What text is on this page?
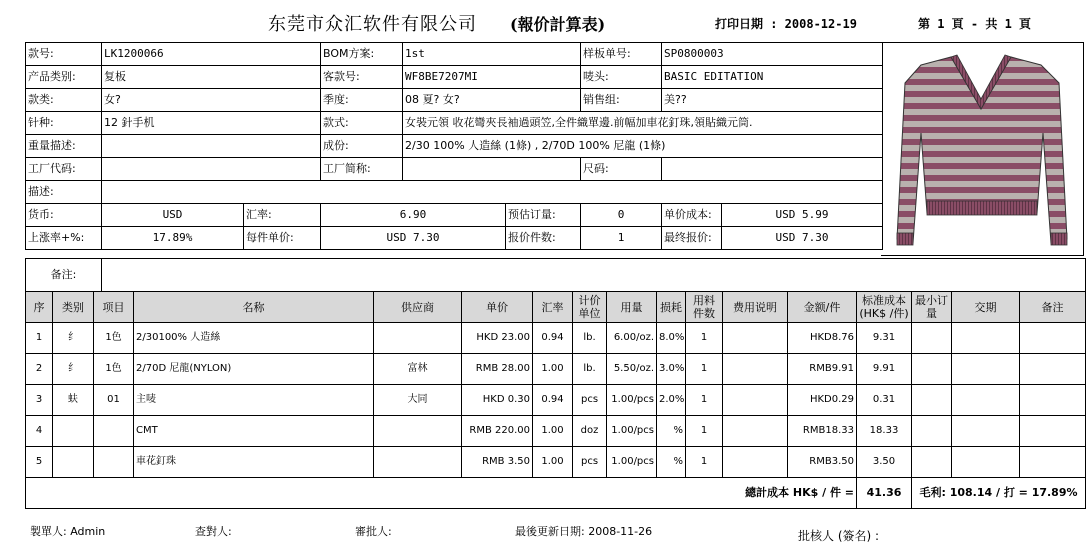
东莞市众汇软件有限公司 (報价計算表)	打印日期 : 2008-12-19	第 1 頁 - 共 1 頁
款号:	LK1200066		BOM方案:	1st		样板单号:	SP0800003	
产品类别:	复板		客款号:	WF8BE7207MI		唛头:	BASIC EDITATION	
款类:	女?		季度:	08 夏? 女?		销售组:	美??	
针种:	12 針手机		款式:	女裝元領 收花彎夾長袖過頭笠,全件織單邊.前幅加車花釘珠,領貼織元筒.				
重量描述:			成份:	2/30 100% 人造絲 (1條) , 2/70D 100% 尼龍 (1條)				
工厂代码:			工厂简称:			尺码:		
描述:								
货币:	USD	汇率:	6.90		预估订量:	0	单价成本:	USD 5.99
上涨率+%:	17.89%	每件单价:	USD 7.30		报价件数:	1	最终报价:	USD 7.30
备注:	
序	类别	项目	名称	供应商	单价	汇率	计价单位	用量	损耗	用料件数	费用说明	金额/件	标准成本(HK$ /件)	最小订量	交期	备注
1	纟	1色	2/30100% 人造絲		HKD 23.00	0.94	lb.	6.00/oz.	8.0%	1		HKD8.76	9.31			
2	纟	1色	2/70D 尼龍(NYLON)	富林	RMB 28.00	1.00	lb.	5.50/oz.	3.0%	1		RMB9.91	9.91			
3	蚨	01	主唛	大同	HKD 0.30	0.94	pcs	1.00/pcs	2.0%	1		HKD0.29	0.31			
4			CMT		RMB 220.00	1.00	doz	1.00/pcs	%	1		RMB18.33	18.33			
5			車花釘珠		RMB 3.50	1.00	pcs	1.00/pcs	%	1		RMB3.50	3.50			
總計成本 HK$ / 件 =													41.36	毛利: 108.14 / 打 = 17.89%		
製單人: Admin	查對人:	審批人:	最後更新日期: 2008-11-26	批核人 (簽名) :
